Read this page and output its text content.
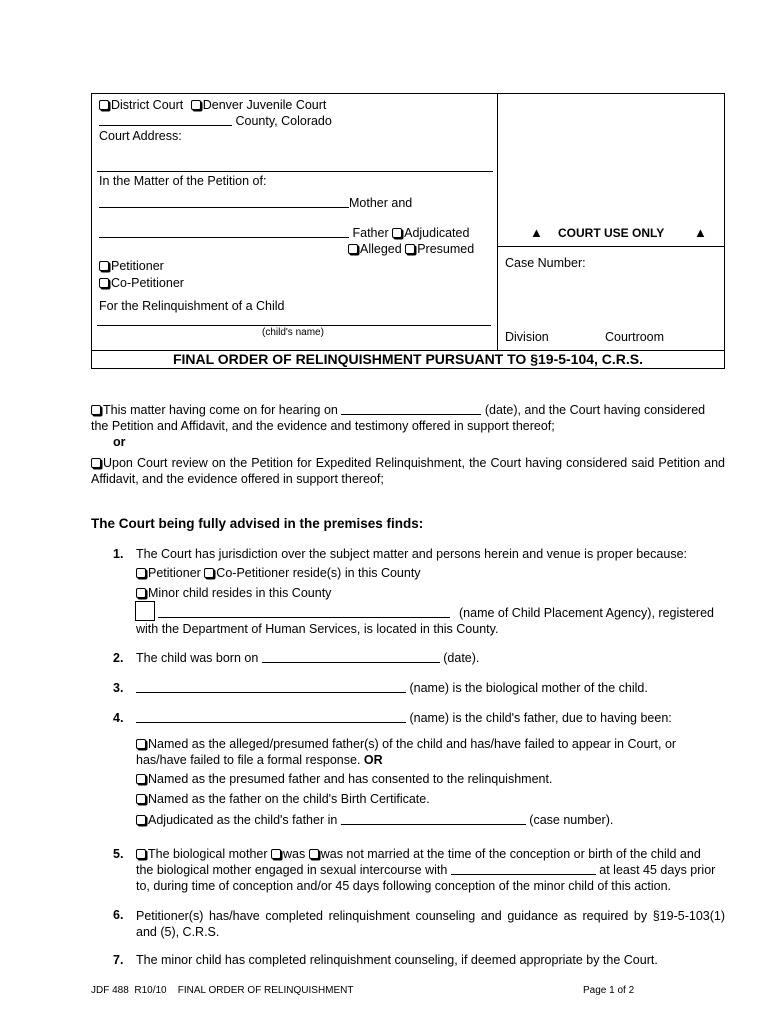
District Court Denver Juvenile Court
County, Colorado
Court Address:
In the Matter of the Petition of:
Mother and
Father Adjudicated
Alleged Presumed
Petitioner
Co-Petitioner
For the Relinquishment of a Child
(child's name)
▲ COURT USE ONLY ▲
Case Number:
Division	Courtroom
FINAL ORDER OF RELINQUISHMENT PURSUANT TO §19-5-104, C.R.S.
This matter having come on for hearing on	(date), and the Court having considered
the Petition and Affidavit, and the evidence and testimony offered in support thereof;
or
Upon Court review on the Petition for Expedited Relinquishment, the Court having considered said Petition and Affidavit, and the evidence offered in support thereof;
The Court being fully advised in the premises finds:
1. The Court has jurisdiction over the subject matter and persons herein and venue is proper because:
Petitioner Co-Petitioner reside(s) in this County
Minor child resides in this County
(name of Child Placement Agency), registered
with the Department of Human Services, is located in this County.
2. The child was born on	(date).
3.	(name) is the biological mother of the child.
4.	(name) is the child's father, due to having been:
Named as the alleged/presumed father(s) of the child and has/have failed to appear in Court, or
has/have failed to file a formal response. OR
Named as the presumed father and has consented to the relinquishment.
Named as the father on the child's Birth Certificate.
Adjudicated as the child's father in	(case number).
5.	The biological mother was was not married at the time of the conception or birth of the child and
the biological mother engaged in sexual intercourse with	at least 45 days prior
to, during time of conception and/or 45 days following conception of the minor child of this action.
6. Petitioner(s) has/have completed relinquishment counseling and guidance as required by §19-5-103(1) and (5), C.R.S.
7. The minor child has completed relinquishment counseling, if deemed appropriate by the Court.
JDF 488 R10/10 FINAL ORDER OF RELINQUISHMENT	Page 1 of 2
